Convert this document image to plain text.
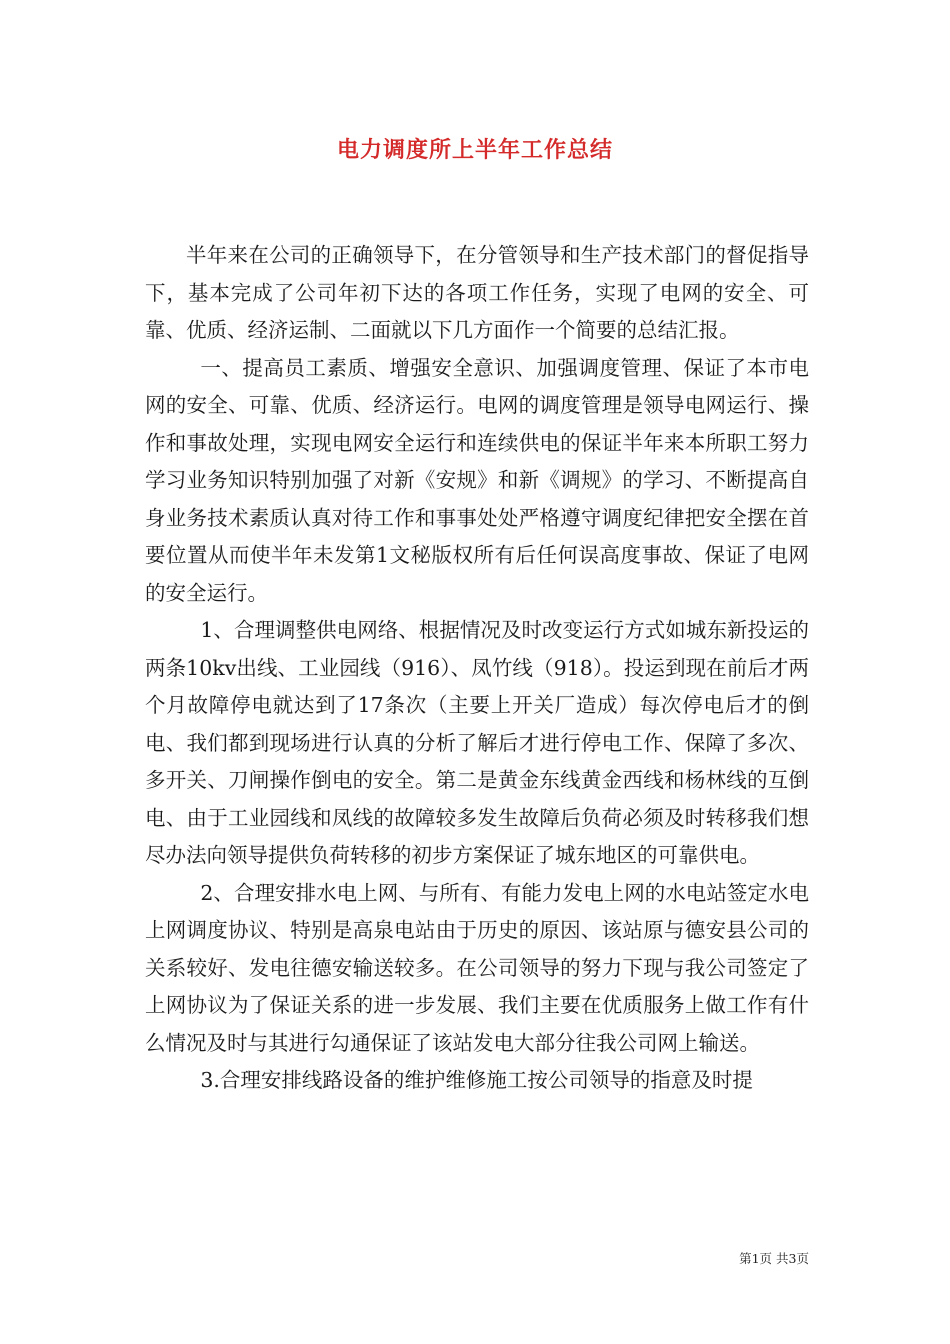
电力调度所上半年工作总结

半年来在公司的正确领导下，在分管领导和生产技术部门的督促指导下，基本完成了公司年初下达的各项工作任务，实现了电网的安全、可靠、优质、经济运制、二面就以下几方面作一个简要的总结汇报。

一、提高员工素质、增强安全意识、加强调度管理、保证了本市电网的安全、可靠、优质、经济运行。电网的调度管理是领导电网运行、操作和事故处理，实现电网安全运行和连续供电的保证半年来本所职工努力学习业务知识特别加强了对新《安规》和新《调规》的学习、不断提高自身业务技术素质认真对待工作和事事处处严格遵守调度纪律把安全摆在首要位置从而使半年未发第1文秘版权所有后任何误高度事故、保证了电网的安全运行。

1、合理调整供电网络、根据情况及时改变运行方式如城东新投运的两条10kv出线、工业园线（916）、凤竹线（918）。投运到现在前后才两个月故障停电就达到了17条次（主要上开关厂造成）每次停电后才的倒电、我们都到现场进行认真的分析了解后才进行停电工作、保障了多次、多开关、刀闸操作倒电的安全。第二是黄金东线黄金西线和杨林线的互倒电、由于工业园线和凤线的故障较多发生故障后负荷必须及时转移我们想尽办法向领导提供负荷转移的初步方案保证了城东地区的可靠供电。

2、合理安排水电上网、与所有、有能力发电上网的水电站签定水电上网调度协议、特别是高泉电站由于历史的原因、该站原与德安县公司的关系较好、发电往德安输送较多。在公司领导的努力下现与我公司签定了上网协议为了保证关系的进一步发展、我们主要在优质服务上做工作有什么情况及时与其进行勾通保证了该站发电大部分往我公司网上输送。

3.合理安排线路设备的维护维修施工按公司领导的指意及时提

第1页 共3页
